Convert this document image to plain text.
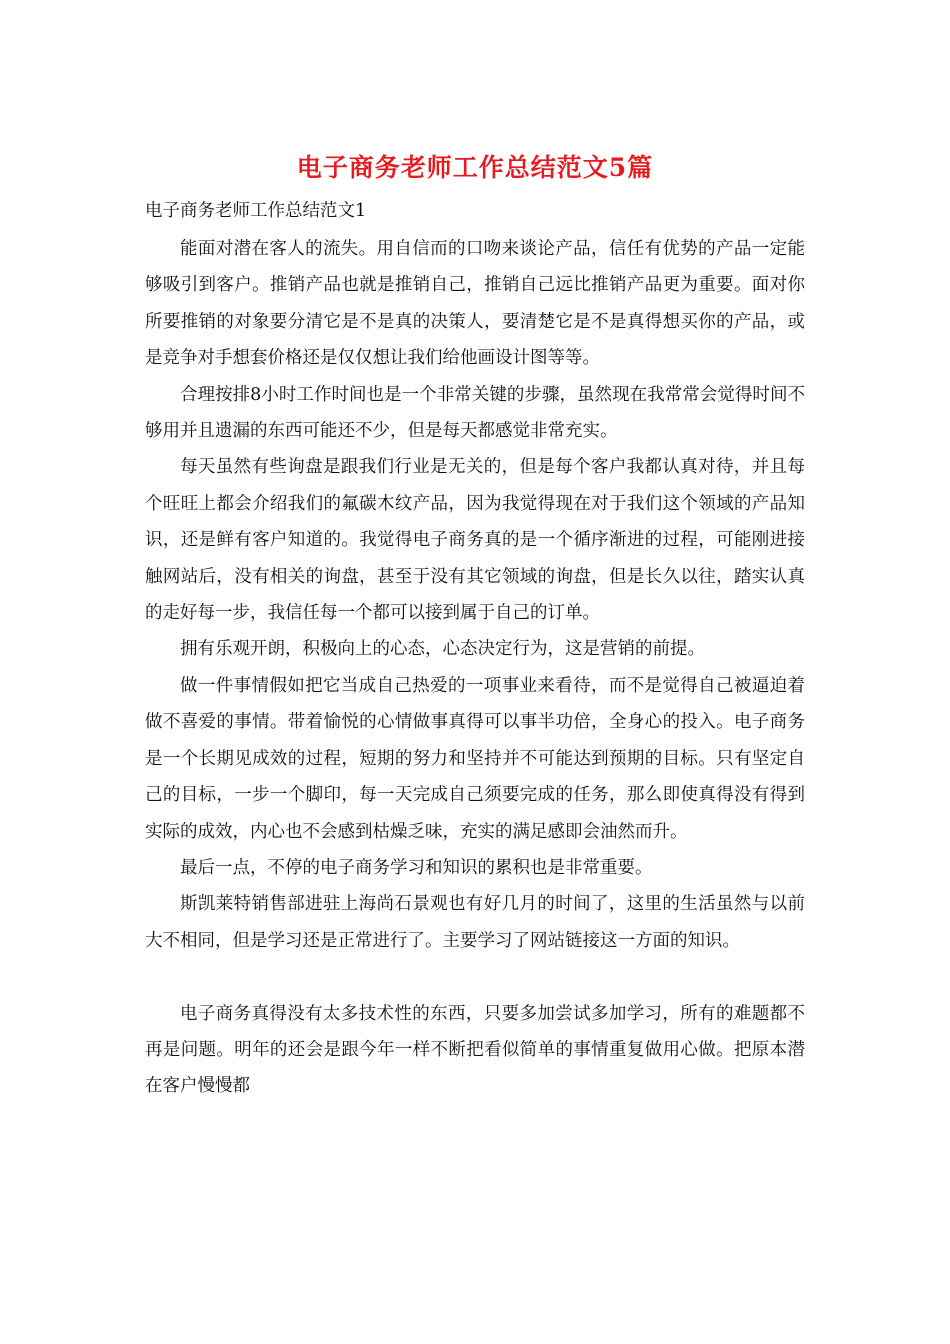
电子商务老师工作总结范文5篇
电子商务老师工作总结范文1

能面对潜在客人的流失。用自信而的口吻来谈论产品，信任有优势的产品一定能够吸引到客户。推销产品也就是推销自己，推销自己远比推销产品更为重要。面对你所要推销的对象要分清它是不是真的决策人，要清楚它是不是真得想买你的产品，或是竞争对手想套价格还是仅仅想让我们给他画设计图等等。

合理按排8小时工作时间也是一个非常关键的步骤，虽然现在我常常会觉得时间不够用并且遗漏的东西可能还不少，但是每天都感觉非常充实。

每天虽然有些询盘是跟我们行业是无关的，但是每个客户我都认真对待，并且每个旺旺上都会介绍我们的氟碳木纹产品，因为我觉得现在对于我们这个领域的产品知识，还是鲜有客户知道的。我觉得电子商务真的是一个循序渐进的过程，可能刚进接触网站后，没有相关的询盘，甚至于没有其它领域的询盘，但是长久以往，踏实认真的走好每一步，我信任每一个都可以接到属于自己的订单。

拥有乐观开朗，积极向上的心态，心态决定行为，这是营销的前提。

做一件事情假如把它当成自己热爱的一项事业来看待，而不是觉得自己被逼迫着做不喜爱的事情。带着愉悦的心情做事真得可以事半功倍，全身心的投入。电子商务是一个长期见成效的过程，短期的努力和坚持并不可能达到预期的目标。只有坚定自己的目标，一步一个脚印，每一天完成自己须要完成的任务，那么即使真得没有得到实际的成效，内心也不会感到枯燥乏味，充实的满足感即会油然而升。

最后一点，不停的电子商务学习和知识的累积也是非常重要。

斯凯莱特销售部进驻上海尚石景观也有好几月的时间了，这里的生活虽然与以前大不相同，但是学习还是正常进行了。主要学习了网站链接这一方面的知识。

电子商务真得没有太多技术性的东西，只要多加尝试多加学习，所有的难题都不再是问题。明年的还会是跟今年一样不断把看似简单的事情重复做用心做。把原本潜在客户慢慢都
